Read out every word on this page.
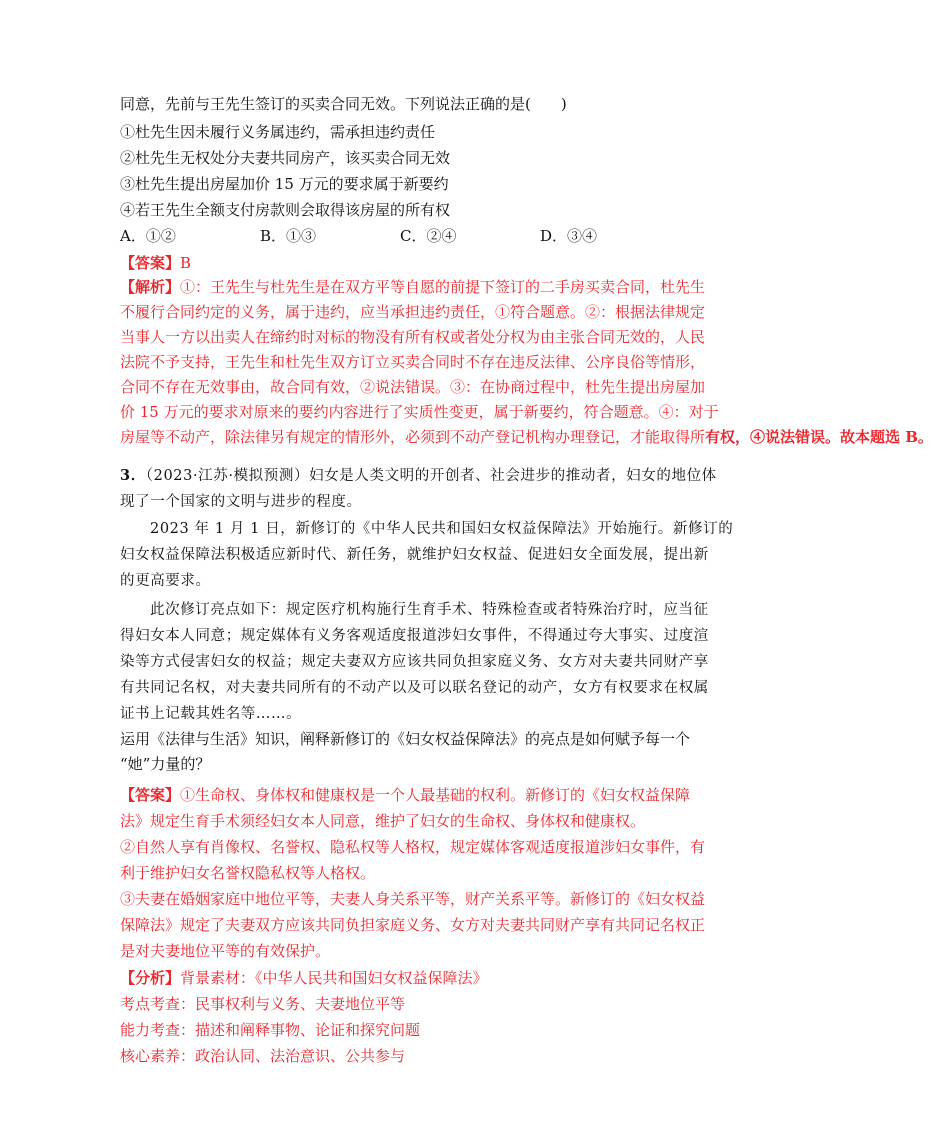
同意，先前与王先生签订的买卖合同无效。下列说法正确的是(　　)
①杜先生因未履行义务属违约，需承担违约责任
②杜先生无权处分夫妻共同房产，该买卖合同无效
③杜先生提出房屋加价 15 万元的要求属于新要约
④若王先生全额支付房款则会取得该房屋的所有权
A．①②	B．①③	C．②④	D．③④
【答案】B
【解析】①：王先生与杜先生是在双方平等自愿的前提下签订的二手房买卖合同，杜先生
不履行合同约定的义务，属于违约，应当承担违约责任，①符合题意。②：根据法律规定
当事人一方以出卖人在缔约时对标的物没有所有权或者处分权为由主张合同无效的，人民
法院不予支持，王先生和杜先生双方订立买卖合同时不存在违反法律、公序良俗等情形，
合同不存在无效事由，故合同有效，②说法错误。③：在协商过程中，杜先生提出房屋加
价 15 万元的要求对原来的要约内容进行了实质性变更，属于新要约，符合题意。④：对于
房屋等不动产，除法律另有规定的情形外，必须到不动产登记机构办理登记，才能取得所有权，④说法错误。故本题选 B。
3．（2023·江苏·模拟预测）妇女是人类文明的开创者、社会进步的推动者，妇女的地位体
现了一个国家的文明与进步的程度。
2023 年 1 月 1 日，新修订的《中华人民共和国妇女权益保障法》开始施行。新修订的
妇女权益保障法积极适应新时代、新任务，就维护妇女权益、促进妇女全面发展，提出新
的更高要求。
此次修订亮点如下：规定医疗机构施行生育手术、特殊检查或者特殊治疗时，应当征
得妇女本人同意；规定媒体有义务客观适度报道涉妇女事件，不得通过夸大事实、过度渲
染等方式侵害妇女的权益；规定夫妻双方应该共同负担家庭义务、女方对夫妻共同财产享
有共同记名权，对夫妻共同所有的不动产以及可以联名登记的动产，女方有权要求在权属
证书上记载其姓名等……。
运用《法律与生活》知识，阐释新修订的《妇女权益保障法》的亮点是如何赋予每一个
“她”力量的？
【答案】①生命权、身体权和健康权是一个人最基础的权利。新修订的《妇女权益保障
法》规定生育手术须经妇女本人同意，维护了妇女的生命权、身体权和健康权。
②自然人享有肖像权、名誉权、隐私权等人格权，规定媒体客观适度报道涉妇女事件，有
利于维护妇女名誉权隐私权等人格权。
③夫妻在婚姻家庭中地位平等，夫妻人身关系平等，财产关系平等。新修订的《妇女权益
保障法》规定了夫妻双方应该共同负担家庭义务、女方对夫妻共同财产享有共同记名权正
是对夫妻地位平等的有效保护。
【分析】背景素材：《中华人民共和国妇女权益保障法》
考点考查：民事权利与义务、夫妻地位平等
能力考查：描述和阐释事物、论证和探究问题
核心素养：政治认同、法治意识、公共参与
